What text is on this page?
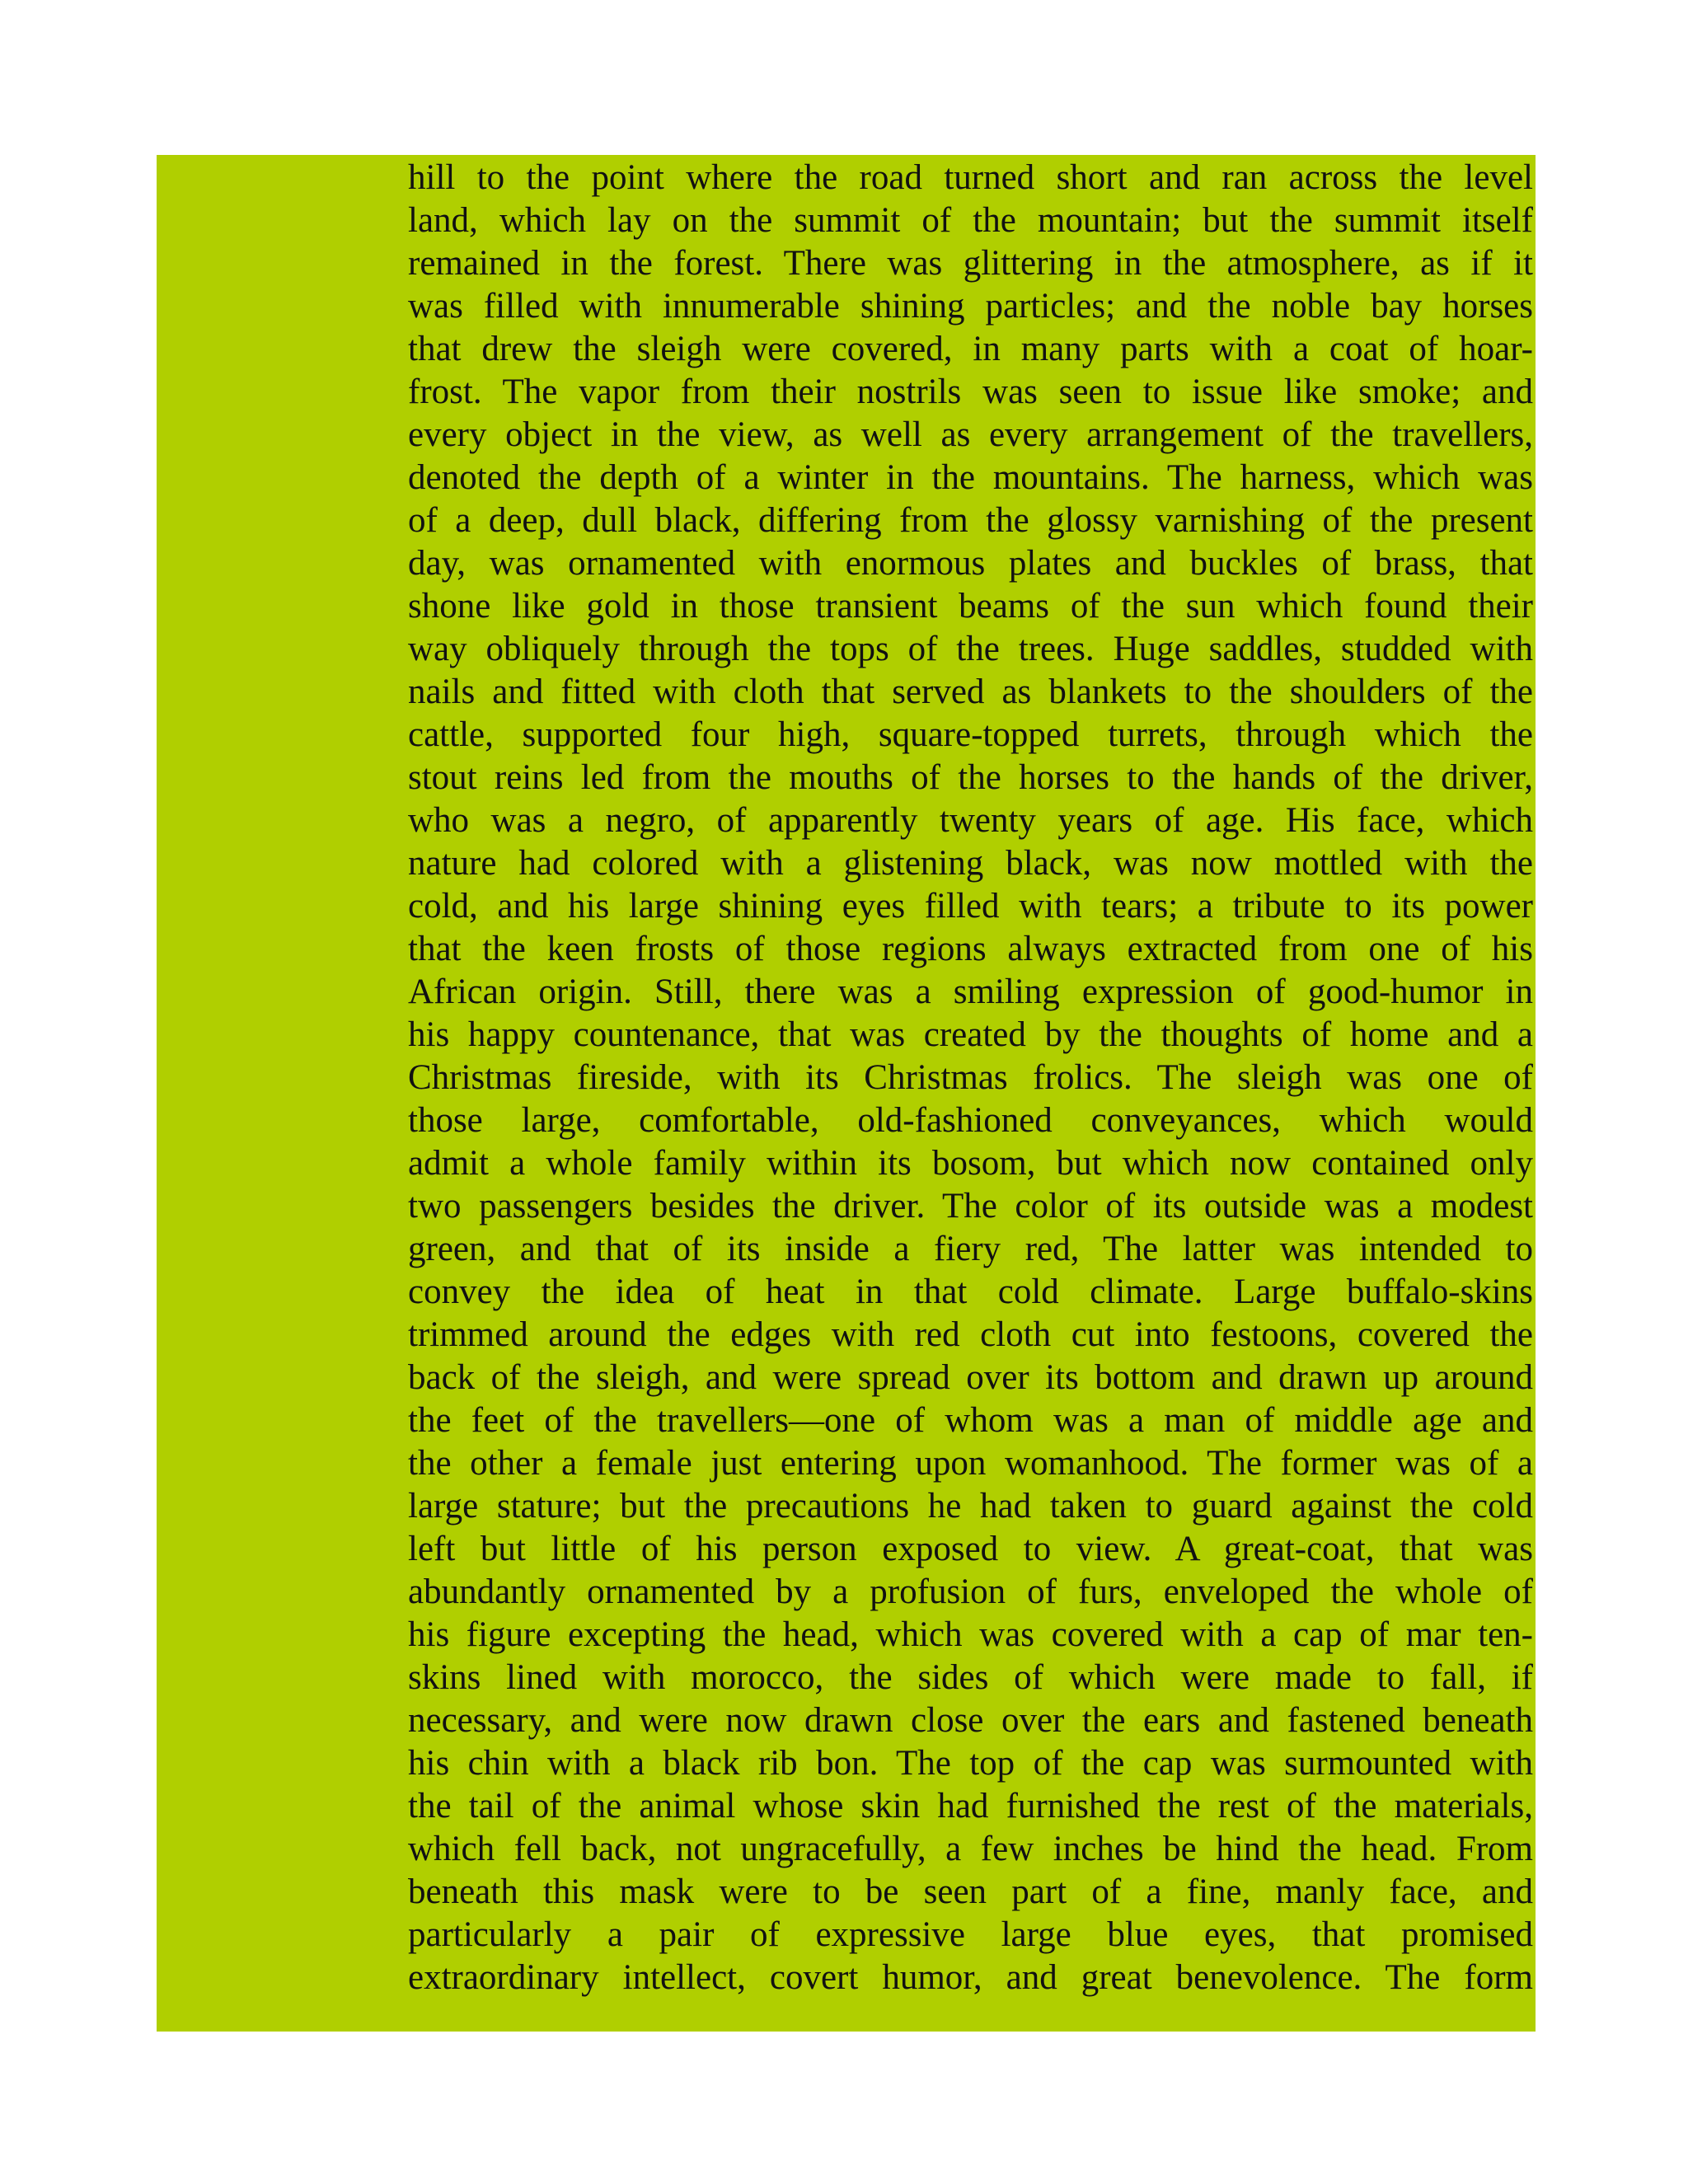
hill to the point where the road turned short and ran across the level
land, which lay on the summit of the mountain; but the summit itself
remained in the forest. There was glittering in the atmosphere, as if it
was filled with innumerable shining particles; and the noble bay horses
that drew the sleigh were covered, in many parts with a coat of hoar-
frost. The vapor from their nostrils was seen to issue like smoke; and
every object in the view, as well as every arrangement of the travellers,
denoted the depth of a winter in the mountains. The harness, which was
of a deep, dull black, differing from the glossy varnishing of the present
day, was ornamented with enormous plates and buckles of brass, that
shone like gold in those transient beams of the sun which found their
way obliquely through the tops of the trees. Huge saddles, studded with
nails and fitted with cloth that served as blankets to the shoulders of the
cattle, supported four high, square-topped turrets, through which the
stout reins led from the mouths of the horses to the hands of the driver,
who was a negro, of apparently twenty years of age. His face, which
nature had colored with a glistening black, was now mottled with the
cold, and his large shining eyes filled with tears; a tribute to its power
that the keen frosts of those regions always extracted from one of his
African origin. Still, there was a smiling expression of good-humor in
his happy countenance, that was created by the thoughts of home and a
Christmas fireside, with its Christmas frolics. The sleigh was one of
those large, comfortable, old-fashioned conveyances, which would
admit a whole family within its bosom, but which now contained only
two passengers besides the driver. The color of its outside was a modest
green, and that of its inside a fiery red, The latter was intended to
convey the idea of heat in that cold climate. Large buffalo-skins
trimmed around the edges with red cloth cut into festoons, covered the
back of the sleigh, and were spread over its bottom and drawn up around
the feet of the travellers—one of whom was a man of middle age and
the other a female just entering upon womanhood. The former was of a
large stature; but the precautions he had taken to guard against the cold
left but little of his person exposed to view. A great-coat, that was
abundantly ornamented by a profusion of furs, enveloped the whole of
his figure excepting the head, which was covered with a cap of mar ten-
skins lined with morocco, the sides of which were made to fall, if
necessary, and were now drawn close over the ears and fastened beneath
his chin with a black rib bon. The top of the cap was surmounted with
the tail of the animal whose skin had furnished the rest of the materials,
which fell back, not ungracefully, a few inches be hind the head. From
beneath this mask were to be seen part of a fine, manly face, and
particularly a pair of expressive large blue eyes, that promised
extraordinary intellect, covert humor, and great benevolence. The form
